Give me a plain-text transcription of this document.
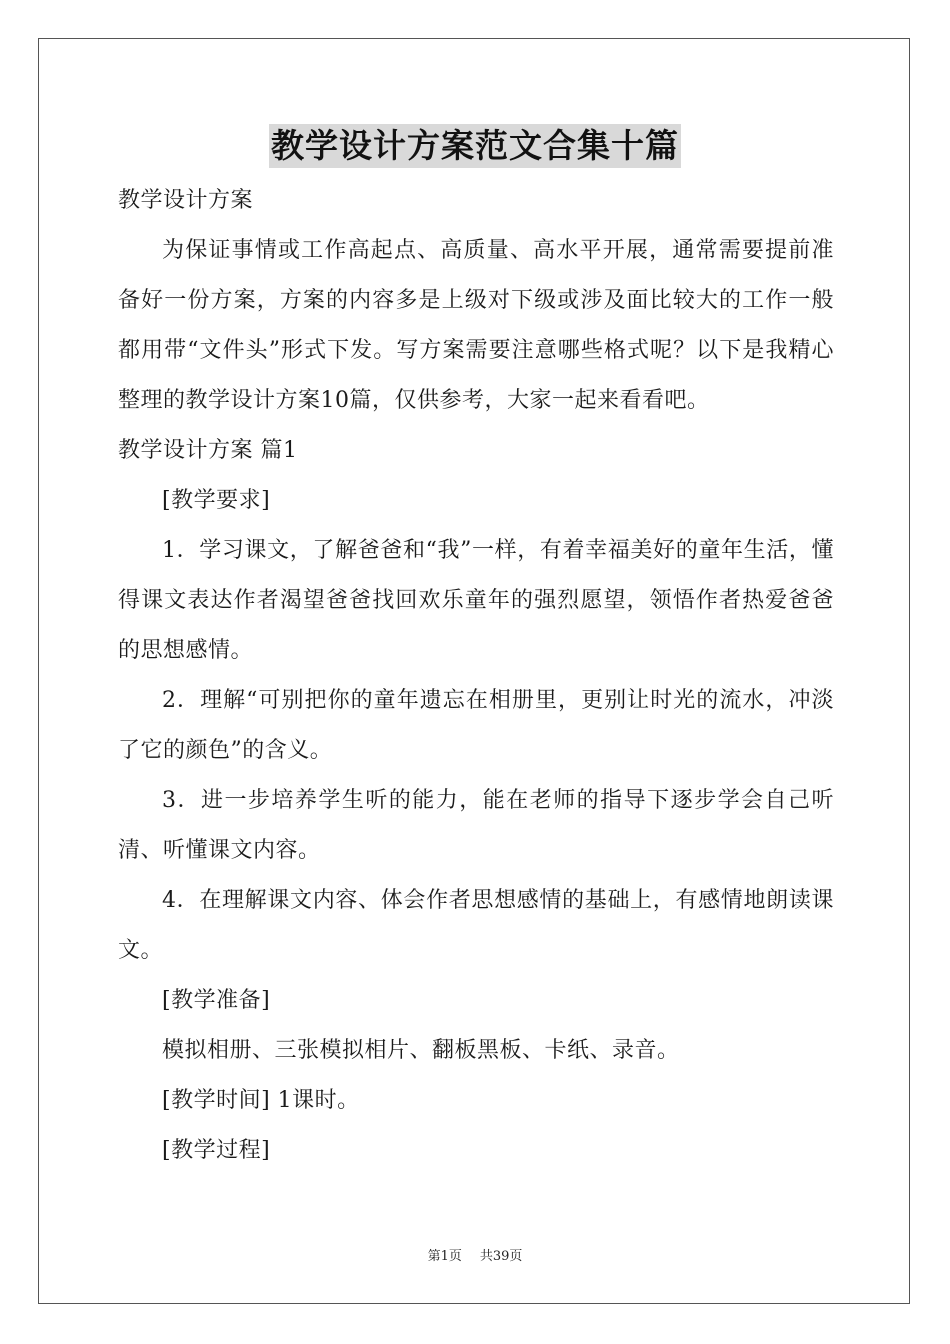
教学设计方案范文合集十篇

教学设计方案

为保证事情或工作高起点、高质量、高水平开展，通常需要提前准备好一份方案，方案的内容多是上级对下级或涉及面比较大的工作一般都用带“文件头”形式下发。写方案需要注意哪些格式呢？以下是我精心整理的教学设计方案10篇，仅供参考，大家一起来看看吧。

教学设计方案 篇1

[教学要求]

1．学习课文，了解爸爸和“我”一样，有着幸福美好的童年生活，懂得课文表达作者渴望爸爸找回欢乐童年的强烈愿望，领悟作者热爱爸爸的思想感情。

2．理解“可别把你的童年遗忘在相册里，更别让时光的流水，冲淡了它的颜色”的含义。

3．进一步培养学生听的能力，能在老师的指导下逐步学会自己听清、听懂课文内容。

4．在理解课文内容、体会作者思想感情的基础上，有感情地朗读课文。

[教学准备]

模拟相册、三张模拟相片、翻板黑板、卡纸、录音。

[教学时间] 1课时。

[教学过程]

第1页 共39页
